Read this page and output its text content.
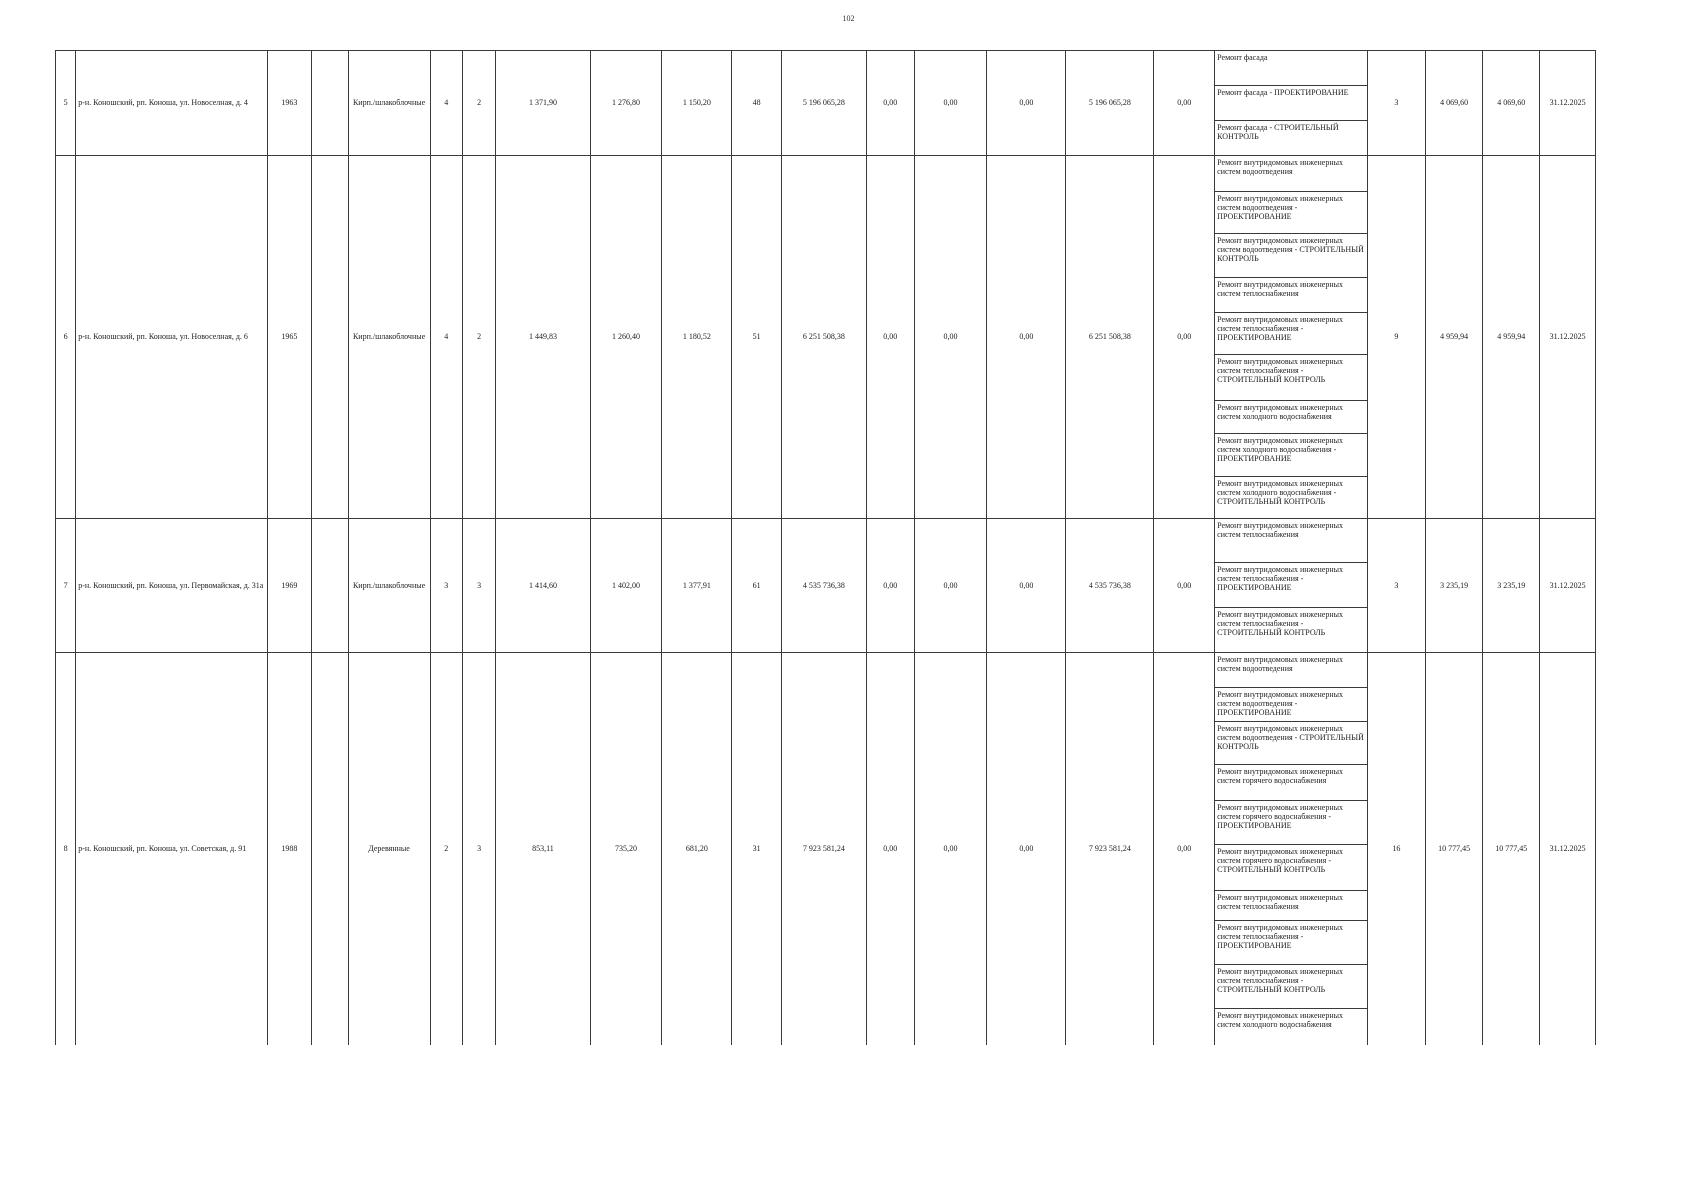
102
5	р-н. Коношский, рп. Коноша, ул. Новоселная, д. 4	1963		Кирп./шлакоблочные	4	2	1 371,90	1 276,80	1 150,20	48	5 196 065,28	0,00	0,00	0,00	5 196 065,28	0,00	Ремонт фасада	3	4 069,60	4 069,60	31.12.2025
																	Ремонт фасада - ПРОЕКТИРОВАНИЕ				
																	Ремонт фасада - СТРОИТЕЛЬНЫЙ КОНТРОЛЬ				
6	р-н. Коношский, рп. Коноша, ул. Новоселная, д. 6	1965		Кирп./шлакоблочные	4	2	1 449,83	1 260,40	1 180,52	51	6 251 508,38	0,00	0,00	0,00	6 251 508,38	0,00	Ремонт внутридомовых инженерных систем водоотведения	9	4 959,94	4 959,94	31.12.2025
																	Ремонт внутридомовых инженерных систем водоотведения - ПРОЕКТИРОВАНИЕ				
																	Ремонт внутридомовых инженерных систем водоотведения - СТРОИТЕЛЬНЫЙ КОНТРОЛЬ				
																	Ремонт внутридомовых инженерных систем теплоснабжения				
																	Ремонт внутридомовых инженерных систем теплоснабжения - ПРОЕКТИРОВАНИЕ				
																	Ремонт внутридомовых инженерных систем теплоснабжения - СТРОИТЕЛЬНЫЙ КОНТРОЛЬ				
																	Ремонт внутридомовых инженерных систем холодного водоснабжения				
																	Ремонт внутридомовых инженерных систем холодного водоснабжения - ПРОЕКТИРОВАНИЕ				
																	Ремонт внутридомовых инженерных систем холодного водоснабжения - СТРОИТЕЛЬНЫЙ КОНТРОЛЬ				
7	р-н. Коношский, рп. Коноша, ул. Первомайская, д. 31а	1969		Кирп./шлакоблочные	3	3	1 414,60	1 402,00	1 377,91	61	4 535 736,38	0,00	0,00	0,00	4 535 736,38	0,00	Ремонт внутридомовых инженерных систем теплоснабжения	3	3 235,19	3 235,19	31.12.2025
																	Ремонт внутридомовых инженерных систем теплоснабжения - ПРОЕКТИРОВАНИЕ				
																	Ремонт внутридомовых инженерных систем теплоснабжения - СТРОИТЕЛЬНЫЙ КОНТРОЛЬ				
8	р-н. Коношский, рп. Коноша, ул. Советская, д. 91	1988		Деревянные	2	3	853,11	735,20	681,20	31	7 923 581,24	0,00	0,00	0,00	7 923 581,24	0,00	Ремонт внутридомовых инженерных систем водоотведения	16	10 777,45	10 777,45	31.12.2025
																	Ремонт внутридомовых инженерных систем водоотведения - ПРОЕКТИРОВАНИЕ				
																	Ремонт внутридомовых инженерных систем водоотведения - СТРОИТЕЛЬНЫЙ КОНТРОЛЬ				
																	Ремонт внутридомовых инженерных систем горячего водоснабжения				
																	Ремонт внутридомовых инженерных систем горячего водоснабжения - ПРОЕКТИРОВАНИЕ				
																	Ремонт внутридомовых инженерных систем горячего водоснабжения - СТРОИТЕЛЬНЫЙ КОНТРОЛЬ				
																	Ремонт внутридомовых инженерных систем теплоснабжения				
																	Ремонт внутридомовых инженерных систем теплоснабжения - ПРОЕКТИРОВАНИЕ				
																	Ремонт внутридомовых инженерных систем теплоснабжения - СТРОИТЕЛЬНЫЙ КОНТРОЛЬ				
																	Ремонт внутридомовых инженерных систем холодного водоснабжения				
